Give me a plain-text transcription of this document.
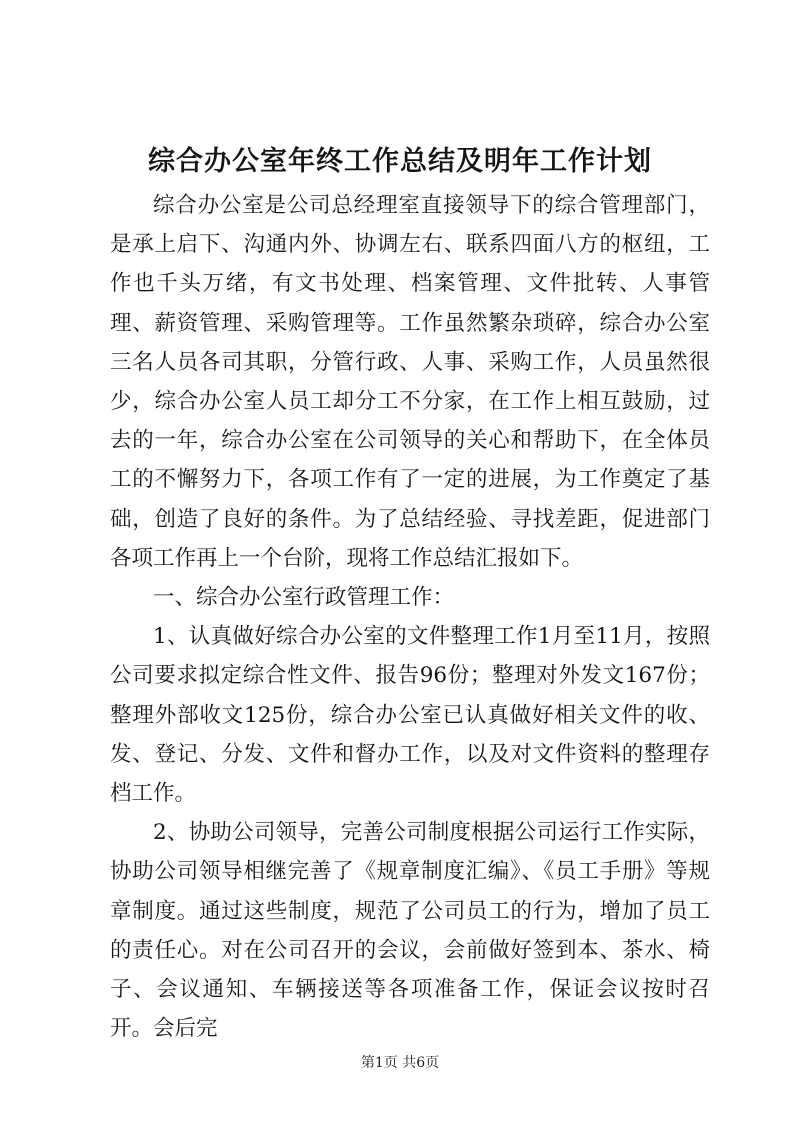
综合办公室年终工作总结及明年工作计划

综合办公室是公司总经理室直接领导下的综合管理部门，是承上启下、沟通内外、协调左右、联系四面八方的枢纽，工作也千头万绪，有文书处理、档案管理、文件批转、人事管理、薪资管理、采购管理等。工作虽然繁杂琐碎，综合办公室三名人员各司其职，分管行政、人事、采购工作，人员虽然很少，综合办公室人员工却分工不分家，在工作上相互鼓励，过去的一年，综合办公室在公司领导的关心和帮助下，在全体员工的不懈努力下，各项工作有了一定的进展，为工作奠定了基础，创造了良好的条件。为了总结经验、寻找差距，促进部门各项工作再上一个台阶，现将工作总结汇报如下。

一、综合办公室行政管理工作：

1、认真做好综合办公室的文件整理工作1月至11月，按照公司要求拟定综合性文件、报告96份；整理对外发文167份；整理外部收文125份，综合办公室已认真做好相关文件的收、发、登记、分发、文件和督办工作，以及对文件资料的整理存档工作。

2、协助公司领导，完善公司制度根据公司运行工作实际，协助公司领导相继完善了《规章制度汇编》、《员工手册》等规章制度。通过这些制度，规范了公司员工的行为，增加了员工的责任心。对在公司召开的会议，会前做好签到本、茶水、椅子、会议通知、车辆接送等各项准备工作，保证会议按时召开。会后完

第1页 共6页
